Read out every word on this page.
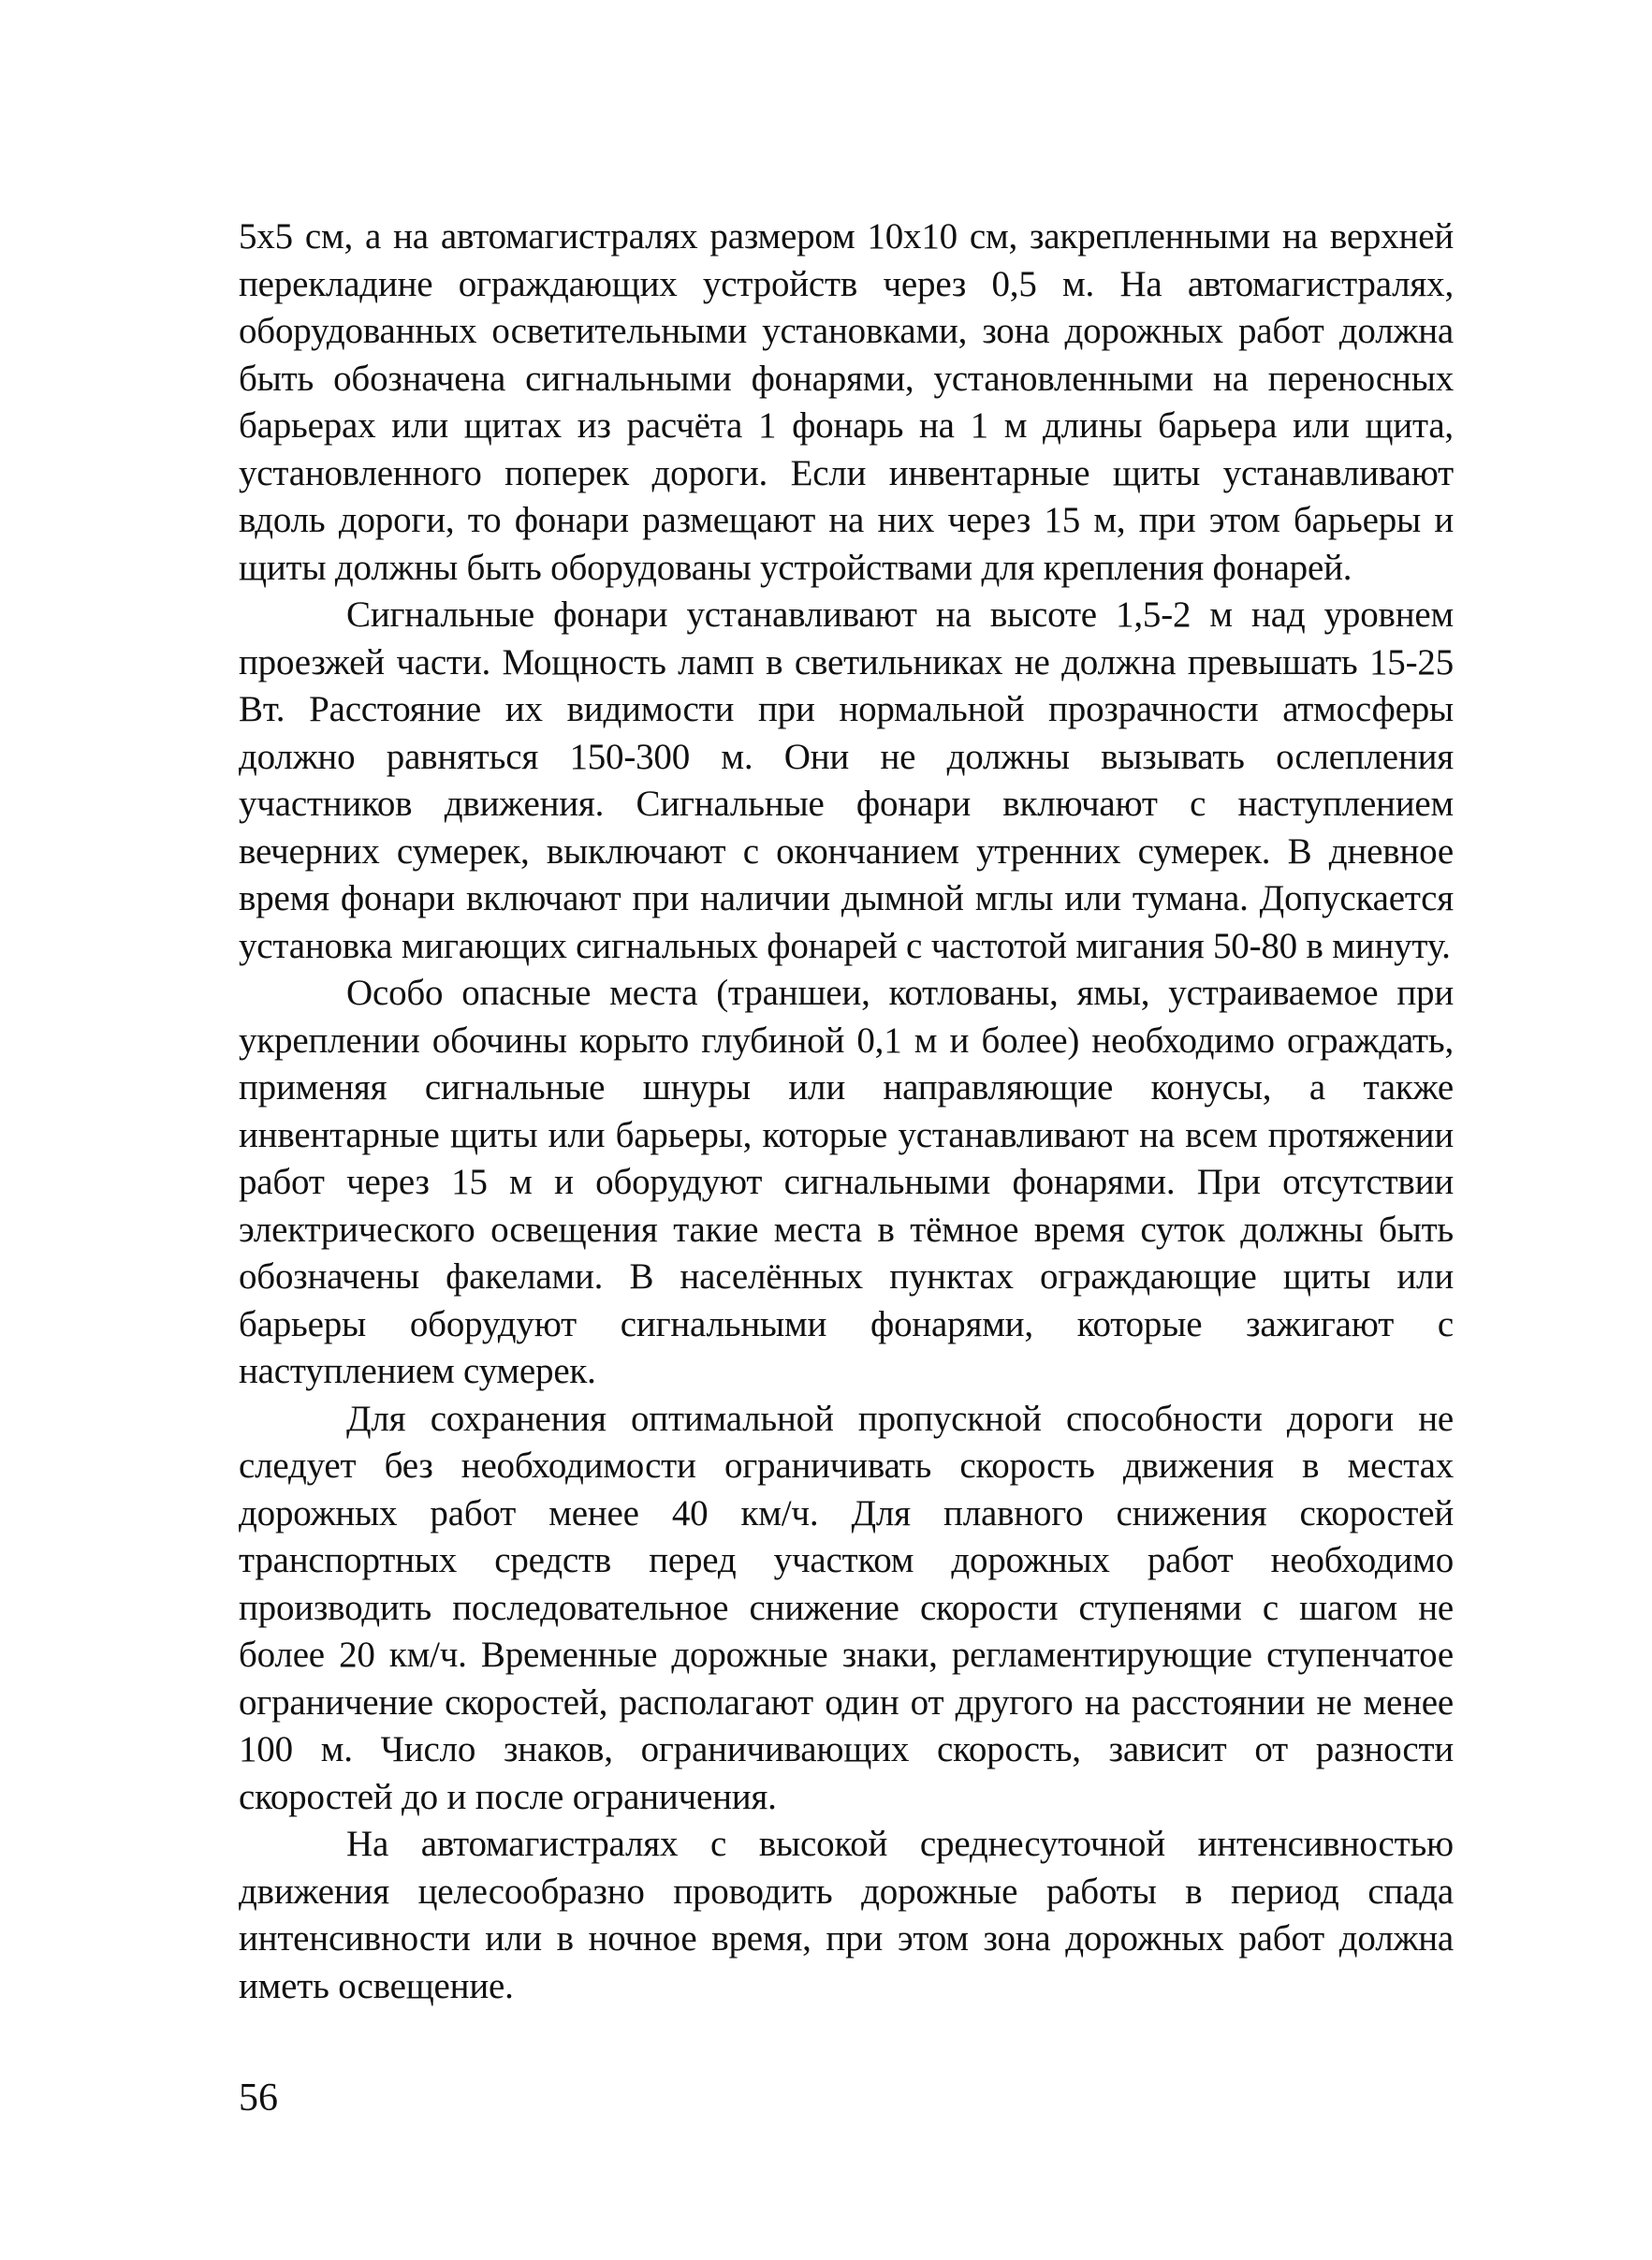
5x5 см, а на автомагистралях размером 10x10 см, закрепленными на верхней перекладине ограждающих устройств через 0,5 м. На автомагистралях, оборудованных осветительными установками, зона дорожных работ должна быть обозначена сигнальными фонарями, установленными на переносных барьерах или щитах из расчёта 1 фонарь на 1 м длины барьера или щита, установленного поперек дороги. Если инвентарные щиты устанавливают вдоль дороги, то фонари размещают на них через 15 м, при этом барьеры и щиты должны быть оборудованы устройствами для крепления фонарей.

Сигнальные фонари устанавливают на высоте 1,5-2 м над уровнем проезжей части. Мощность ламп в светильниках не должна превышать 15-25 Вт. Расстояние их видимости при нормальной прозрачности атмосферы должно равняться 150-300 м. Они не должны вызывать ослепления участников движения. Сигнальные фонари включают с наступлением вечерних сумерек, выключают с окончанием утренних сумерек. В дневное время фонари включают при наличии дымной мглы или тумана. Допускается установка мигающих сигнальных фонарей с частотой мигания 50-80 в минуту.

Особо опасные места (траншеи, котлованы, ямы, устраиваемое при укреплении обочины корыто глубиной 0,1 м и более) необходимо ограждать, применяя сигнальные шнуры или направляющие конусы, а также инвентарные щиты или барьеры, которые устанавливают на всем протяжении работ через 15 м и оборудуют сигнальными фонарями. При отсутствии электрического освещения такие места в тёмное время суток должны быть обозначены факелами. В населённых пунктах ограждающие щиты или барьеры оборудуют сигнальными фонарями, которые зажигают с наступлением сумерек.

Для сохранения оптимальной пропускной способности дороги не следует без необходимости ограничивать скорость движения в местах дорожных работ менее 40 км/ч. Для плавного снижения скоростей транспортных средств перед участком дорожных работ необходимо производить последовательное снижение скорости ступенями с шагом не более 20 км/ч. Временные дорожные знаки, регламентирующие ступенчатое ограничение скоростей, располагают один от другого на расстоянии не менее 100 м. Число знаков, ограничивающих скорость, зависит от разности скоростей до и после ограничения.

На автомагистралях с высокой среднесуточной интенсивностью движения целесообразно проводить дорожные работы в период спада интенсивности или в ночное время, при этом зона дорожных работ должна иметь освещение.

56
